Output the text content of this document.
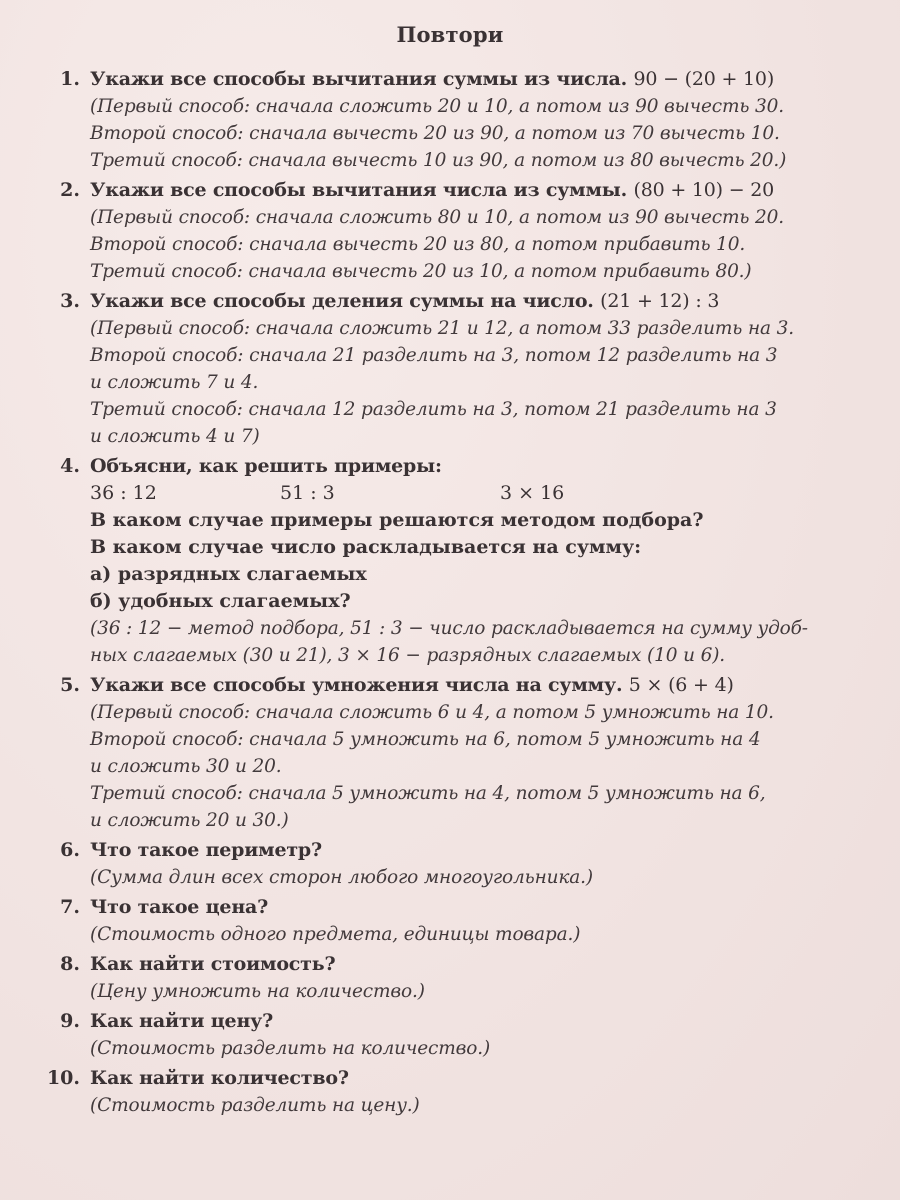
Повтори
1. Укажи все способы вычитания суммы из числа. 90 − (20 + 10)
(Первый способ: сначала сложить 20 и 10, а потом из 90 вычесть 30.
Второй способ: сначала вычесть 20 из 90, а потом из 70 вычесть 10.
Третий способ: сначала вычесть 10 из 90, а потом из 80 вычесть 20.)
2. Укажи все способы вычитания числа из суммы. (80 + 10) − 20
(Первый способ: сначала сложить 80 и 10, а потом из 90 вычесть 20.
Второй способ: сначала вычесть 20 из 80, а потом прибавить 10.
Третий способ: сначала вычесть 20 из 10, а потом прибавить 80.)
3. Укажи все способы деления суммы на число. (21 + 12) : 3
(Первый способ: сначала сложить 21 и 12, а потом 33 разделить на 3.
Второй способ: сначала 21 разделить на 3, потом 12 разделить на 3
и сложить 7 и 4.
Третий способ: сначала 12 разделить на 3, потом 21 разделить на 3
и сложить 4 и 7)
4. Объясни, как решить примеры:
36 : 12	51 : 3	3 × 16
В каком случае примеры решаются методом подбора?
В каком случае число раскладывается на сумму:
а) разрядных слагаемых
б) удобных слагаемых?
(36 : 12 − метод подбора, 51 : 3 − число раскладывается на сумму удоб-
ных слагаемых (30 и 21), 3 × 16 − разрядных слагаемых (10 и 6).
5. Укажи все способы умножения числа на сумму. 5 × (6 + 4)
(Первый способ: сначала сложить 6 и 4, а потом 5 умножить на 10.
Второй способ: сначала 5 умножить на 6, потом 5 умножить на 4
и сложить 30 и 20.
Третий способ: сначала 5 умножить на 4, потом 5 умножить на 6,
и сложить 20 и 30.)
6. Что такое периметр?
(Сумма длин всех сторон любого многоугольника.)
7. Что такое цена?
(Стоимость одного предмета, единицы товара.)
8. Как найти стоимость?
(Цену умножить на количество.)
9. Как найти цену?
(Стоимость разделить на количество.)
10. Как найти количество?
(Стоимость разделить на цену.)
